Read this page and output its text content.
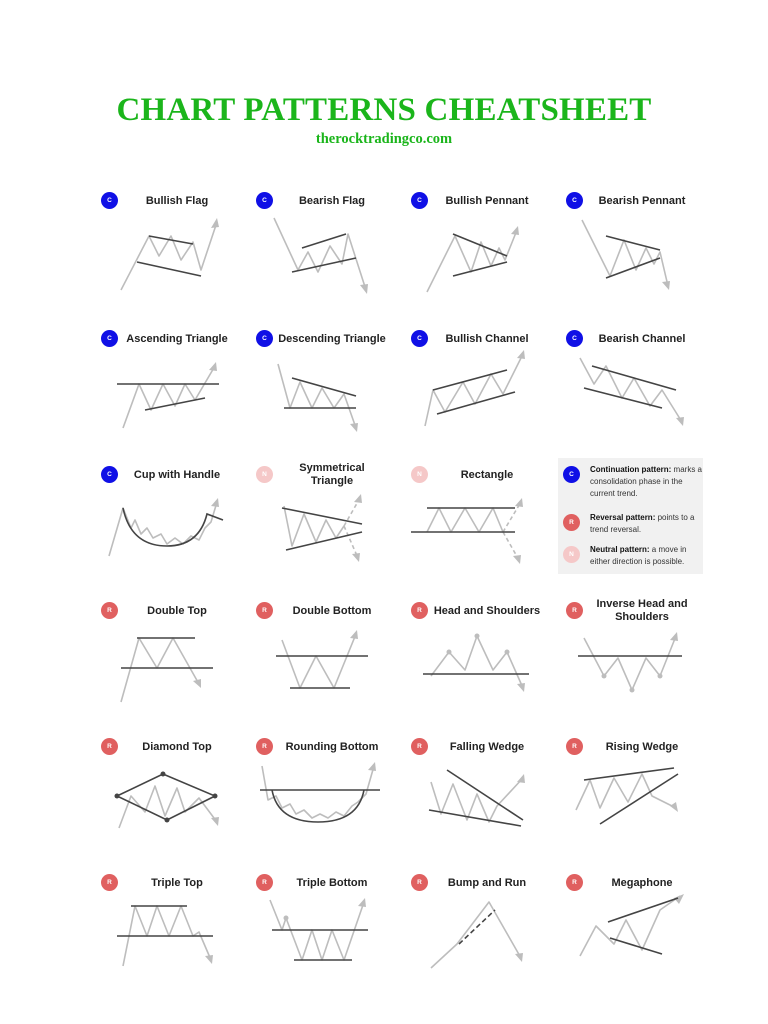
CHART PATTERNS CHEATSHEET
therocktradingco.com
C	Bullish Flag	C	Bearish Flag	C	Bullish Pennant	C	Bearish Pennant
C	Ascending Triangle	C	Descending Triangle	C	Bullish Channel	C	Bearish Channel
C	Cup with Handle	N
Symmetrical Triangle
N	Rectangle	C
Continuation pattern: marks a consolidation phase in the current trend.
R
Reversal pattern: points to a trend reversal.
N
Neutral pattern: a move in either direction is possible.
R	Double Top	R	Double Bottom	R	Head and Shoulders	R
Inverse Head and Shoulders
R	Diamond Top	R	Rounding Bottom	R	Falling Wedge	R	Rising Wedge
R	Triple Top	R	Triple Bottom	R	Bump and Run	R	Megaphone
